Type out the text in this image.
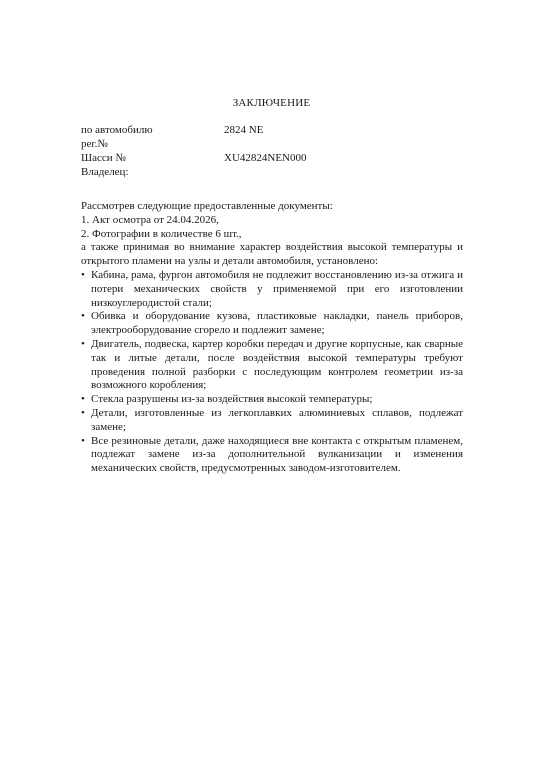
ЗАКЛЮЧЕНИЕ
по автомобилю	2824 NE
рег.№
Шасси №	XU42824NEN000
Владелец:

Рассмотрев следующие предоставленные документы:

1. Акт осмотра от 24.04.2026,
2. Фотографии в количестве 6 шт.,

а также принимая во внимание характер воздействия высокой температуры и открытого пламени на узлы и детали автомобиля, установлено:

• Кабина, рама, фургон автомобиля не подлежит восстановлению из-за отжига и потери механических свойств у применяемой при его изготовлении низкоуглеродистой стали;
• Обивка и оборудование кузова, пластиковые накладки, панель приборов, электрооборудование сгорело и подлежит замене;
• Двигатель, подвеска, картер коробки передач и другие корпусные, как сварные так и литые детали, после воздействия высокой температуры требуют проведения полной разборки с последующим контролем геометрии из-за возможного коробления;
• Стекла разрушены из-за воздействия высокой температуры;
• Детали, изготовленные из легкоплавких алюминиевых сплавов, подлежат замене;
• Все резиновые детали, даже находящиеся вне контакта с открытым пламенем, подлежат замене из-за дополнительной вулканизации и изменения механических свойств, предусмотренных заводом-изготовителем.
